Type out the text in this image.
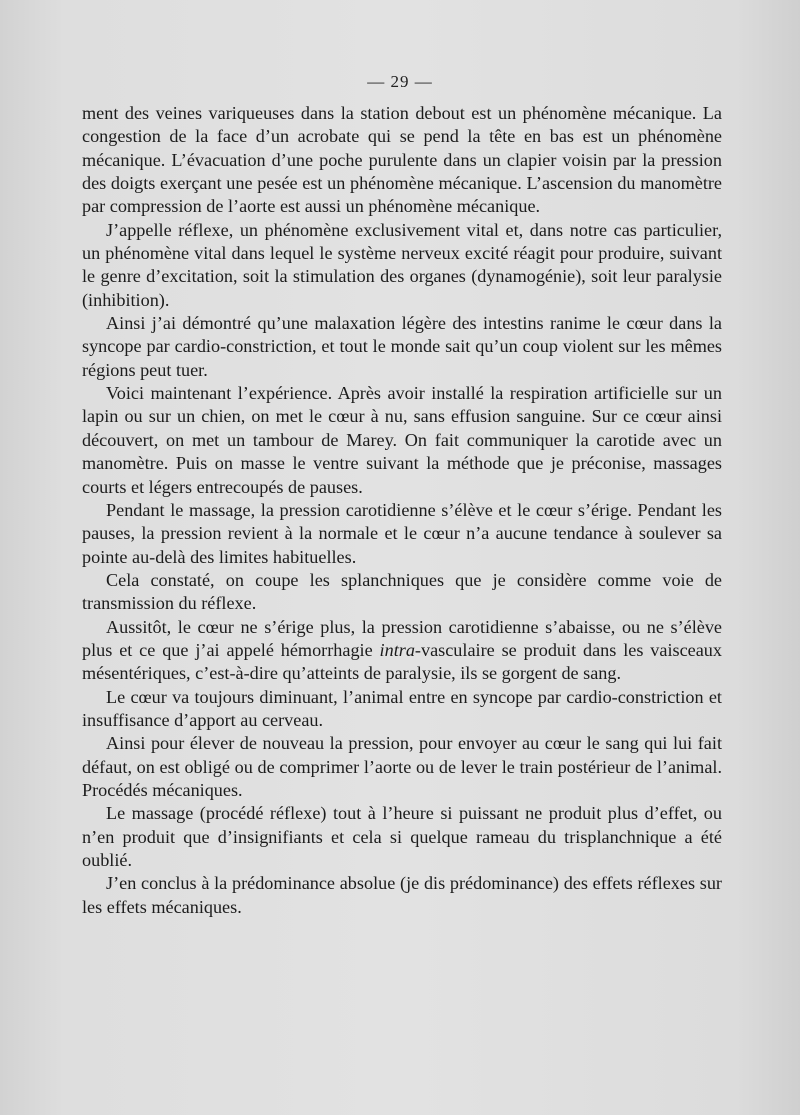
— 29 —

ment des veines variqueuses dans la station debout est un phénomène mécanique. La congestion de la face d’un acrobate qui se pend la tête en bas est un phénomène mécanique. L’évacuation d’une poche purulente dans un clapier voisin par la pression des doigts exerçant une pesée est un phénomène mécanique. L’ascension du manomètre par compression de l’aorte est aussi un phénomène mécanique.

J’appelle réflexe, un phénomène exclusivement vital et, dans notre cas particulier, un phénomène vital dans lequel le système nerveux excité réagit pour produire, suivant le genre d’excitation, soit la stimulation des organes (dynamogénie), soit leur paralysie (inhibition).

Ainsi j’ai démontré qu’une malaxation légère des intestins ranime le cœur dans la syncope par cardio-constriction, et tout le monde sait qu’un coup violent sur les mêmes régions peut tuer.

Voici maintenant l’expérience. Après avoir installé la respiration artificielle sur un lapin ou sur un chien, on met le cœur à nu, sans effusion sanguine. Sur ce cœur ainsi découvert, on met un tambour de Marey. On fait communiquer la carotide avec un manomètre. Puis on masse le ventre suivant la méthode que je préconise, massages courts et légers entrecoupés de pauses.

Pendant le massage, la pression carotidienne s’élève et le cœur s’érige. Pendant les pauses, la pression revient à la normale et le cœur n’a aucune tendance à soulever sa pointe au-delà des limites habituelles.

Cela constaté, on coupe les splanchniques que je considère comme voie de transmission du réflexe.

Aussitôt, le cœur ne s’érige plus, la pression carotidienne s’abaisse, ou ne s’élève plus et ce que j’ai appelé hémorrhagie intra-vasculaire se produit dans les vaisceaux mésentériques, c’est-à-dire qu’atteints de paralysie, ils se gorgent de sang.

Le cœur va toujours diminuant, l’animal entre en syncope par cardio-constriction et insuffisance d’apport au cerveau.

Ainsi pour élever de nouveau la pression, pour envoyer au cœur le sang qui lui fait défaut, on est obligé ou de comprimer l’aorte ou de lever le train postérieur de l’animal. Procédés mécaniques.

Le massage (procédé réflexe) tout à l’heure si puissant ne produit plus d’effet, ou n’en produit que d’insignifiants et cela si quelque rameau du trisplanchnique a été oublié.

J’en conclus à la prédominance absolue (je dis prédominance) des effets réflexes sur les effets mécaniques.
